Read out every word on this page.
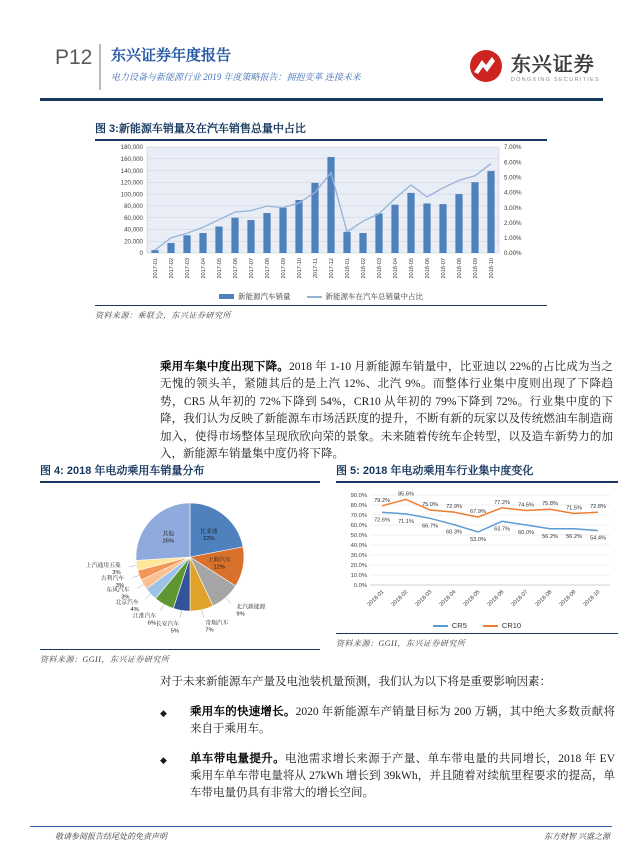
P12 东兴证券年度报告
电力设备与新能源行业 2019 年度策略报告：拥抱变革 连接未来
东兴证券
DONGXING SECURITIES
图 3:新能源车销量及在汽车销售总量中占比
0
20,000
40,000
60,000
80,000
100,000
120,000
140,000
160,000
180,000
0.00%
1.00%
2.00%
3.00%
4.00%
5.00%
6.00%
7.00%
2017-01 2017-02 2017-03 2017-04 2017-05 2017-06 2017-07 2017-08 2017-09 2017-10 2017-11 2017-12 2018-01 2018-02 2018-03 2018-04 2018-05 2018-06 2018-07 2018-08 2018-09 2018-10
新能源汽车销量	新能源车在汽车总销量中占比
资料来源：乘联会，东兴证券研究所

乘用车集中度出现下降。2018 年 1-10 月新能源车销量中，比亚迪以 22%的占比成为当之无愧的领头羊，紧随其后的是上汽 12%、北汽 9%。而整体行业集中度则出现了下降趋势，CR5 从年初的 72%下降到 54%，CR10 从年初的 79%下降到 72%。行业集中度的下降，我们认为反映了新能源车市场活跃度的提升，不断有新的玩家以及传统燃油车制造商加入，使得市场整体呈现欣欣向荣的景象。未来随着传统车企转型，以及造车新势力的加入，新能源车销量集中度仍将下降。

图 4: 2018 年电动乘用车销量分布
比亚迪 22%
上海汽车 12%
北汽新能源 9%
奇瑞汽车 7%
长安汽车 5%
江淮汽车 6%
北京汽车 4%
东风汽车 3%
吉利汽车 3%
上汽通用五菱 3%
其他 26%
资料来源：GGII，东兴证券研究所
图 5: 2018 年电动乘用车行业集中度变化
0.0%
10.0%
20.0%
30.0%
40.0%
50.0%
60.0%
70.0%
80.0%
90.0%
72.6% 71.1%
66.7%
60.3%
53.0%
63.7%
60.0%
56.2% 56.2% 54.4%
79.2%
85.6%
75.0% 72.9%
67.9%
77.2% 74.5% 75.8%
71.5% 72.8%
2018-01 2018-02 2018-03 2018-04 2018-05 2018-06 2018-07 2018-08 2018-09 2018-10
CR5	CR10
资料来源：GGII，东兴证券研究所
对于未来新能源车产量及电池装机量预测，我们认为以下将是重要影响因素：
◆	乘用车的快速增长。2020 年新能源车产销量目标为 200 万辆，其中绝大多数贡献将来自于乘用车。
◆	单车带电量提升。电池需求增长来源于产量、单车带电量的共同增长，2018 年 EV 乘用车单车带电量将从 27kWh 增长到 39kWh，并且随着对续航里程要求的提高，单车带电量仍具有非常大的增长空间。
敬请参阅报告结尾处的免责声明	东方财智 兴盛之源
